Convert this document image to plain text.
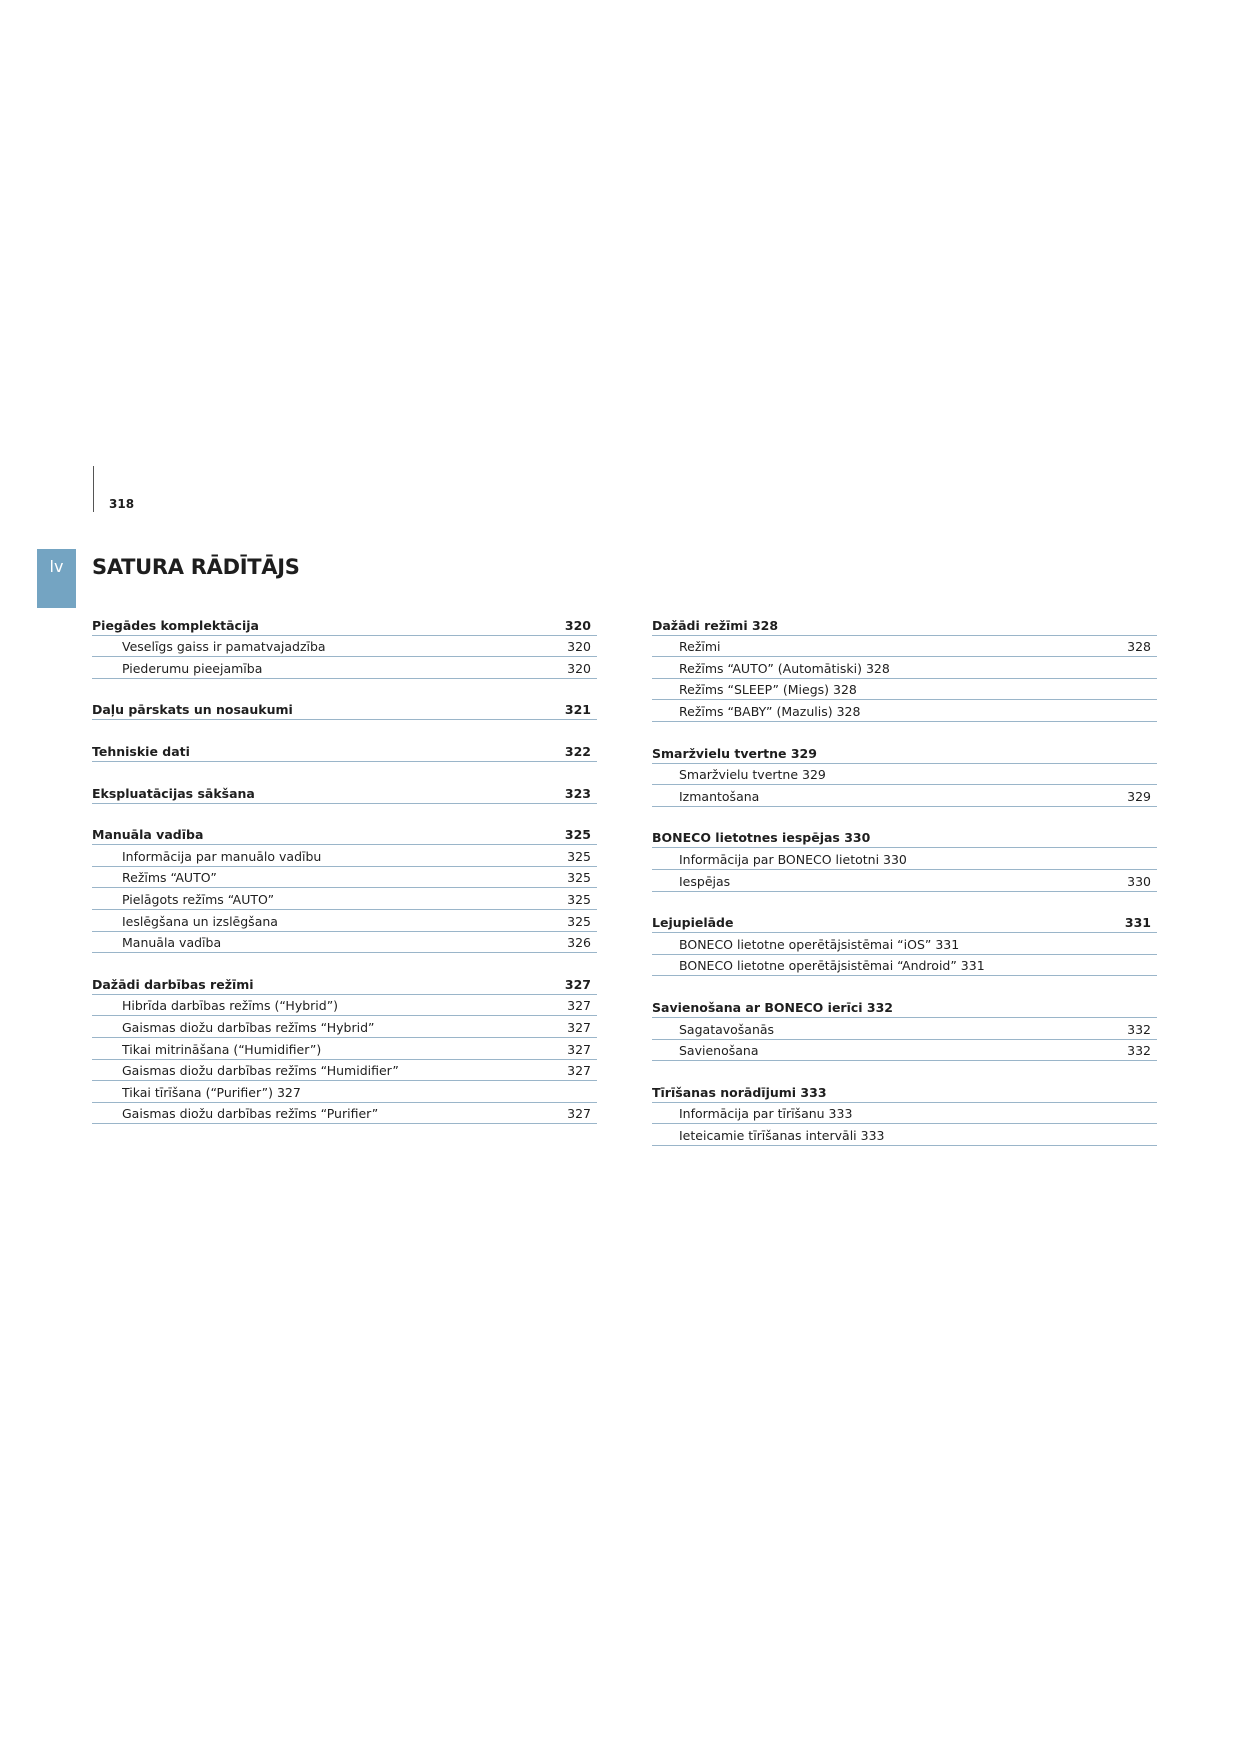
318
lv	SATURA RĀDĪTĀJS
Piegādes komplektācija	320
Veselīgs gaiss ir pamatvajadzība	320
Piederumu pieejamība	320
Daļu pārskats un nosaukumi	321
Tehniskie dati	322
Ekspluatācijas sākšana	323
Manuāla vadība	325
Informācija par manuālo vadību	325
Režīms “AUTO”	325
Pielāgots režīms “AUTO”	325
Ieslēgšana un izslēgšana	325
Manuāla vadība	326
Dažādi darbības režīmi	327
Hibrīda darbības režīms (“Hybrid”)	327
Gaismas diožu darbības režīms “Hybrid”	327
Tikai mitrināšana (“Humidifier”)	327
Gaismas diožu darbības režīms “Humidifier”	327
Tikai tīrīšana (“Purifier”) 327
Gaismas diožu darbības režīms “Purifier”	327
Dažādi režīmi 328
Režīmi	328
Režīms “AUTO” (Automātiski) 328
Režīms “SLEEP” (Miegs) 328
Režīms “BABY” (Mazulis) 328
Smaržvielu tvertne 329
Smaržvielu tvertne 329
Izmantošana	329
BONECO lietotnes iespējas 330
Informācija par BONECO lietotni 330
Iespējas	330
Lejupielāde	331
BONECO lietotne operētājsistēmai “iOS” 331
BONECO lietotne operētājsistēmai “Android” 331
Savienošana ar BONECO ierīci 332
Sagatavošanās	332
Savienošana	332
Tīrīšanas norādījumi 333
Informācija par tīrīšanu 333
Ieteicamie tīrīšanas intervāli 333
